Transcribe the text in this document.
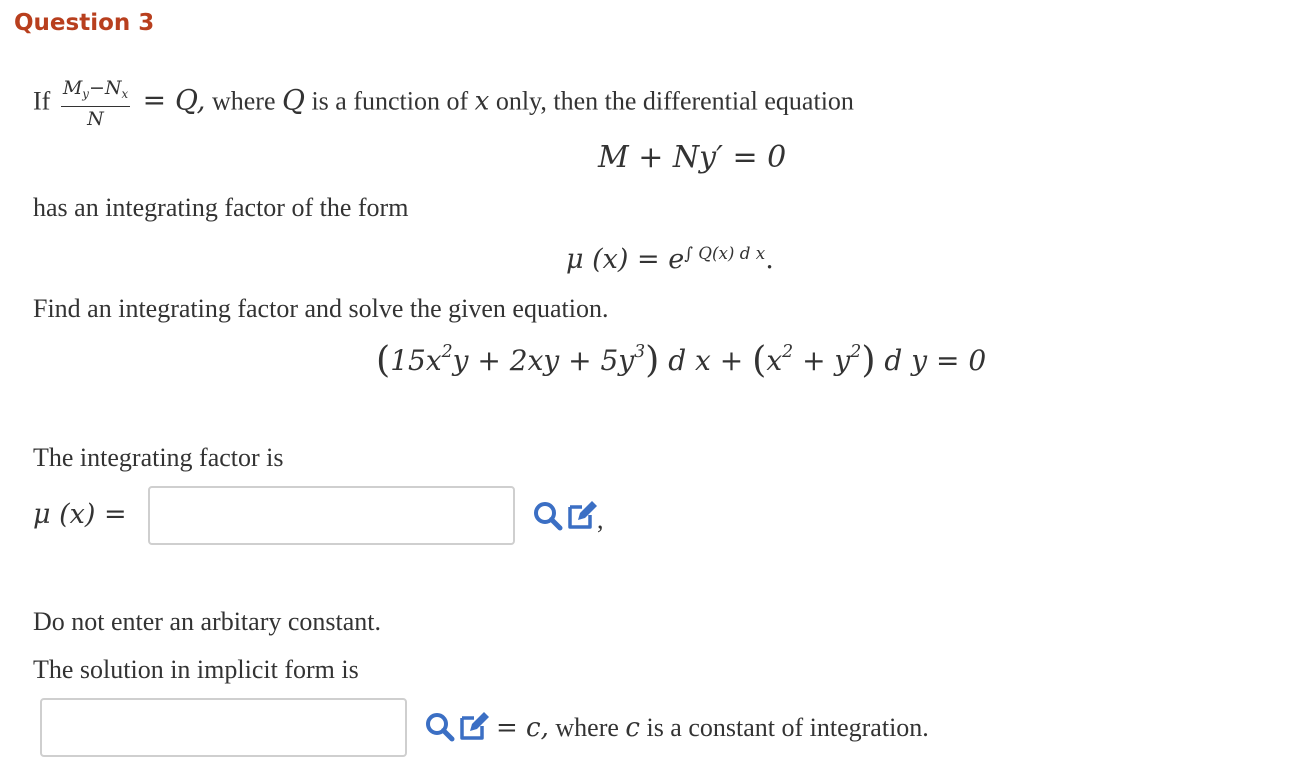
Question 3
If $\frac{M_y-N_x}{N} = Q$, where Q is a function of x only, then the differential equation
M + Ny′ = 0
has an integrating factor of the form
μ $(x) = e^{\int Q(x) d x}$.
Find an integrating factor and solve the given equation.
$(15x^2y + 2xy + 5y^3)$ d $x + (x^2 + y^2)$ d y = 0
The integrating factor is
μ (x) =	,
Do not enter an arbitary constant.
The solution in implicit form is
= c, where c is a constant of integration.
